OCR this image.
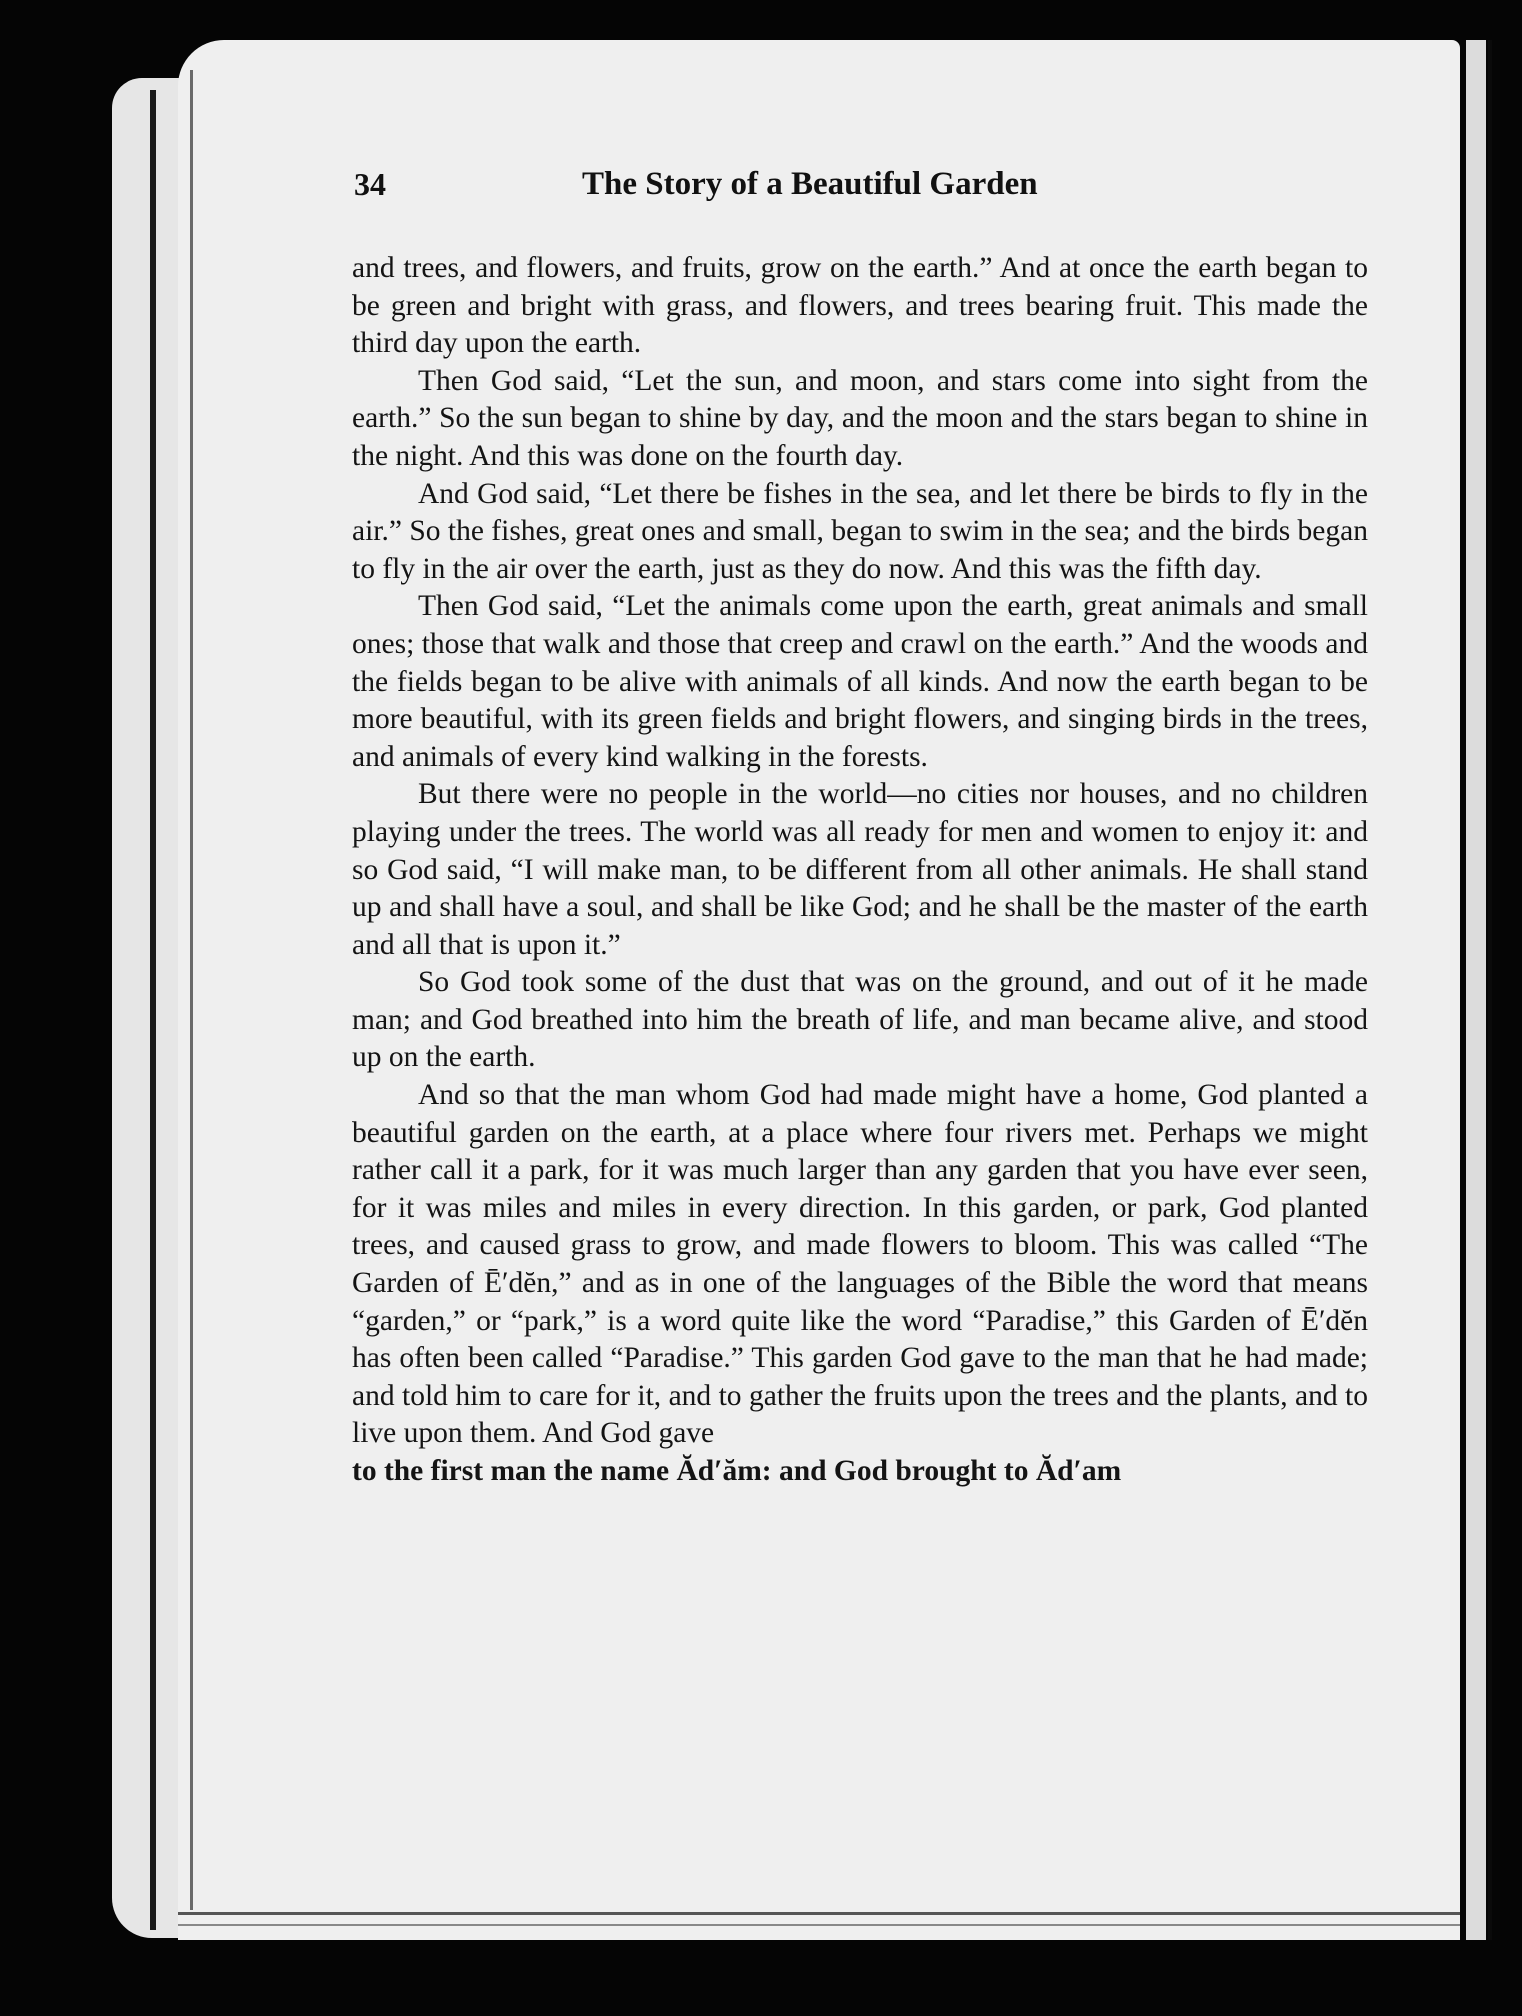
34	The Story of a Beautiful Garden

and trees, and flowers, and fruits, grow on the earth.” And at once the earth began to be green and bright with grass, and flowers, and trees bearing fruit. This made the third day upon the earth.

Then God said, “Let the sun, and moon, and stars come into sight from the earth.” So the sun began to shine by day, and the moon and the stars began to shine in the night. And this was done on the fourth day.

And God said, “Let there be fishes in the sea, and let there be birds to fly in the air.” So the fishes, great ones and small, began to swim in the sea; and the birds began to fly in the air over the earth, just as they do now. And this was the fifth day.

Then God said, “Let the animals come upon the earth, great animals and small ones; those that walk and those that creep and crawl on the earth.” And the woods and the fields began to be alive with animals of all kinds. And now the earth began to be more beautiful, with its green fields and bright flowers, and singing birds in the trees, and animals of every kind walking in the forests.

But there were no people in the world—no cities nor houses, and no children playing under the trees. The world was all ready for men and women to enjoy it: and so God said, “I will make man, to be different from all other animals. He shall stand up and shall have a soul, and shall be like God; and he shall be the master of the earth and all that is upon it.”

So God took some of the dust that was on the ground, and out of it he made man; and God breathed into him the breath of life, and man became alive, and stood up on the earth.

And so that the man whom God had made might have a home, God planted a beautiful garden on the earth, at a place where four rivers met. Perhaps we might rather call it a park, for it was much larger than any garden that you have ever seen, for it was miles and miles in every direction. In this garden, or park, God planted trees, and caused grass to grow, and made flowers to bloom. This was called “The Garden of Ē′dĕn,” and as in one of the languages of the Bible the word that means “garden,” or “park,” is a word quite like the word “Paradise,” this Garden of Ē′dĕn has often been called “Paradise.” This garden God gave to the man that he had made; and told him to care for it, and to gather the fruits upon the trees and the plants, and to live upon them. And God gave

to the first man the name Ăd′ăm: and God brought to Ăd′am
